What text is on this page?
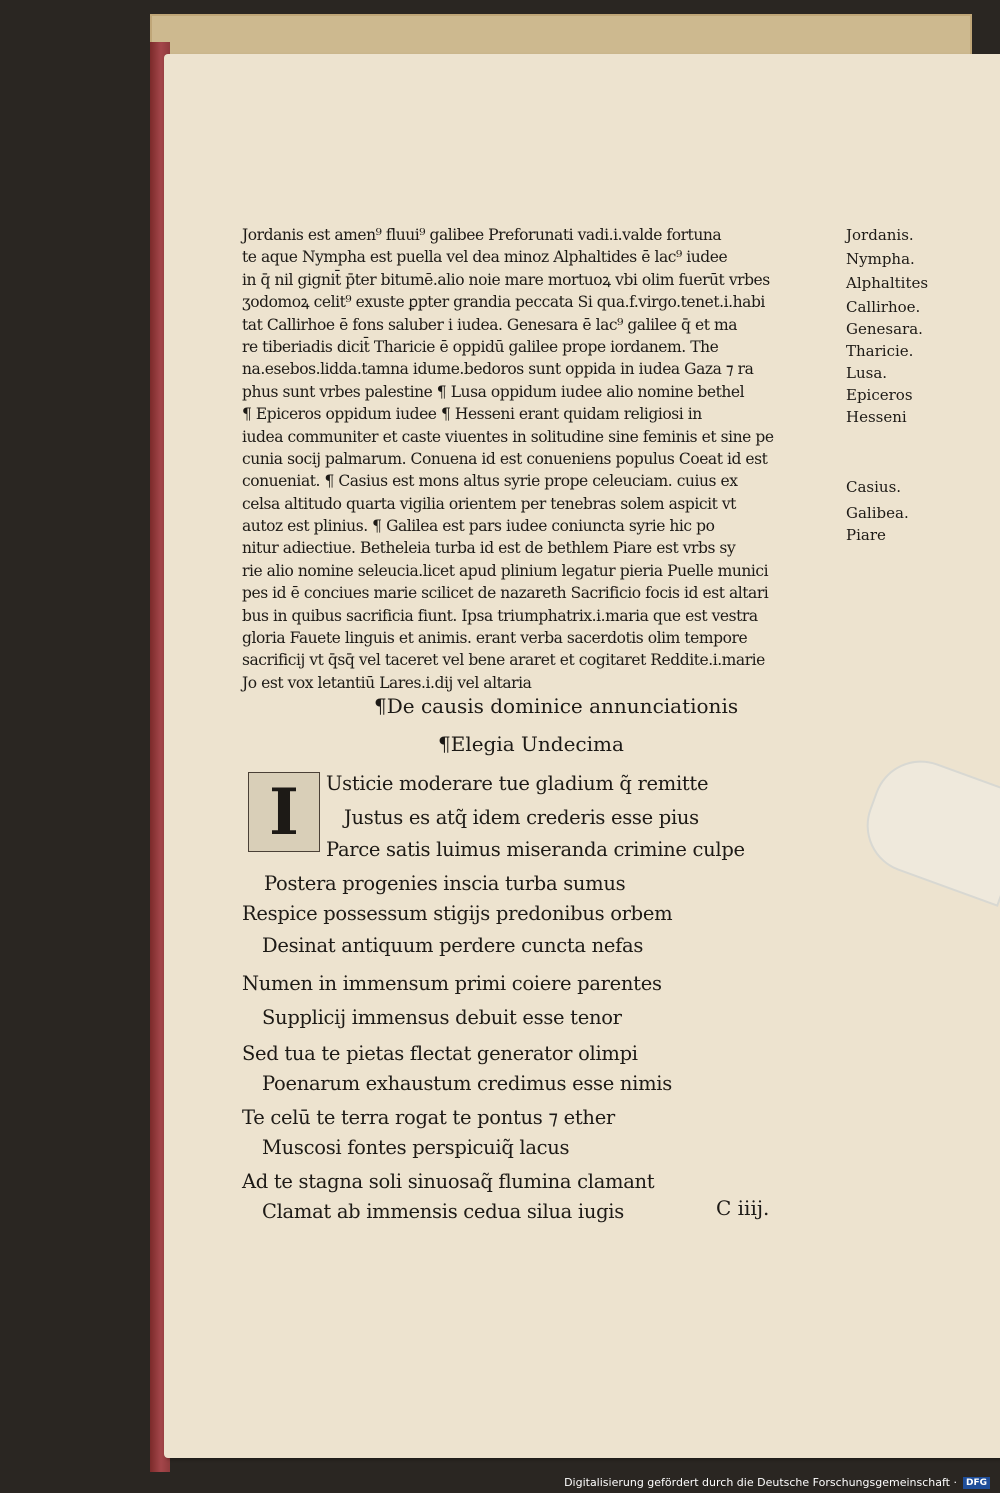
Jordanis est amen⁹ fluui⁹ galibee Preforunati vadi.i.valde fortuna
te aque Nympha est puella vel dea minoz Alphaltides ē lac⁹ iudee
in q̄ nil gignit̄ p̄ter bitumē.alio noie mare mortuoꝝ vbi olim fuerūt vrbes
ʒodomoꝝ celit⁹ exuste ꝑpter grandia peccata Si qua.f.virgo.tenet.i.habi
tat Callirhoe ē fons saluber i iudea. Genesara ē lac⁹ galilee q̄ et ma
re tiberiadis dicit̄ Tharicie ē oppidū galilee prope iordanem. The
na.esebos.lidda.tamna idume.bedoros sunt oppida in iudea Gaza ⁊ ra
phus sunt vrbes palestine ¶ Lusa oppidum iudee alio nomine bethel
¶ Epiceros oppidum iudee ¶ Hesseni erant quidam religiosi in
iudea communiter et caste viuentes in solitudine sine feminis et sine pe
cunia socij palmarum. Conuena id est conueniens populus Coeat id est
conueniat. ¶ Casius est mons altus syrie prope celeuciam. cuius ex
celsa altitudo quarta vigilia orientem per tenebras solem aspicit vt
autoz est plinius. ¶ Galilea est pars iudee coniuncta syrie hic po
nitur adiectiue. Betheleia turba id est de bethlem Piare est vrbs sy
rie alio nomine seleucia.licet apud plinium legatur pieria Puelle munici
pes id ē conciues marie scilicet de nazareth Sacrificio focis id est altari
bus in quibus sacrificia fiunt. Ipsa triumphatrix.i.maria que est vestra
gloria Fauete linguis et animis. erant verba sacerdotis olim tempore
sacrificij vt q̄sq̄ vel taceret vel bene araret et cogitaret Reddite.i.marie
Jo est vox letantiū Lares.i.dij vel altaria
Jordanis.
Nympha.
Alphaltites
Callirhoe.
Genesara.
Tharicie.
Lusa.
Epiceros
Hesseni
Casius.
Galibea.
Piare
¶De causis dominice annunciationis
¶Elegia Undecima
I	Usticie moderare tue gladium q̃ remitte
Justus es atq̃ idem crederis esse pius
Parce satis luimus miseranda crimine culpe
Postera progenies inscia turba sumus
Respice possessum stigijs predonibus orbem
Desinat antiquum perdere cuncta nefas
Numen in immensum primi coiere parentes
Supplicij immensus debuit esse tenor
Sed tua te pietas flectat generator olimpi
Poenarum exhaustum credimus esse nimis
Te celū te terra rogat te pontus ⁊ ether
Muscosi fontes perspicuiq̃ lacus
Ad te stagna soli sinuosaq̃ flumina clamant
Clamat ab immensis cedua silua iugis	C iiij.
Digitalisierung gefördert durch die Deutsche Forschungsgemeinschaft ·	DFG
